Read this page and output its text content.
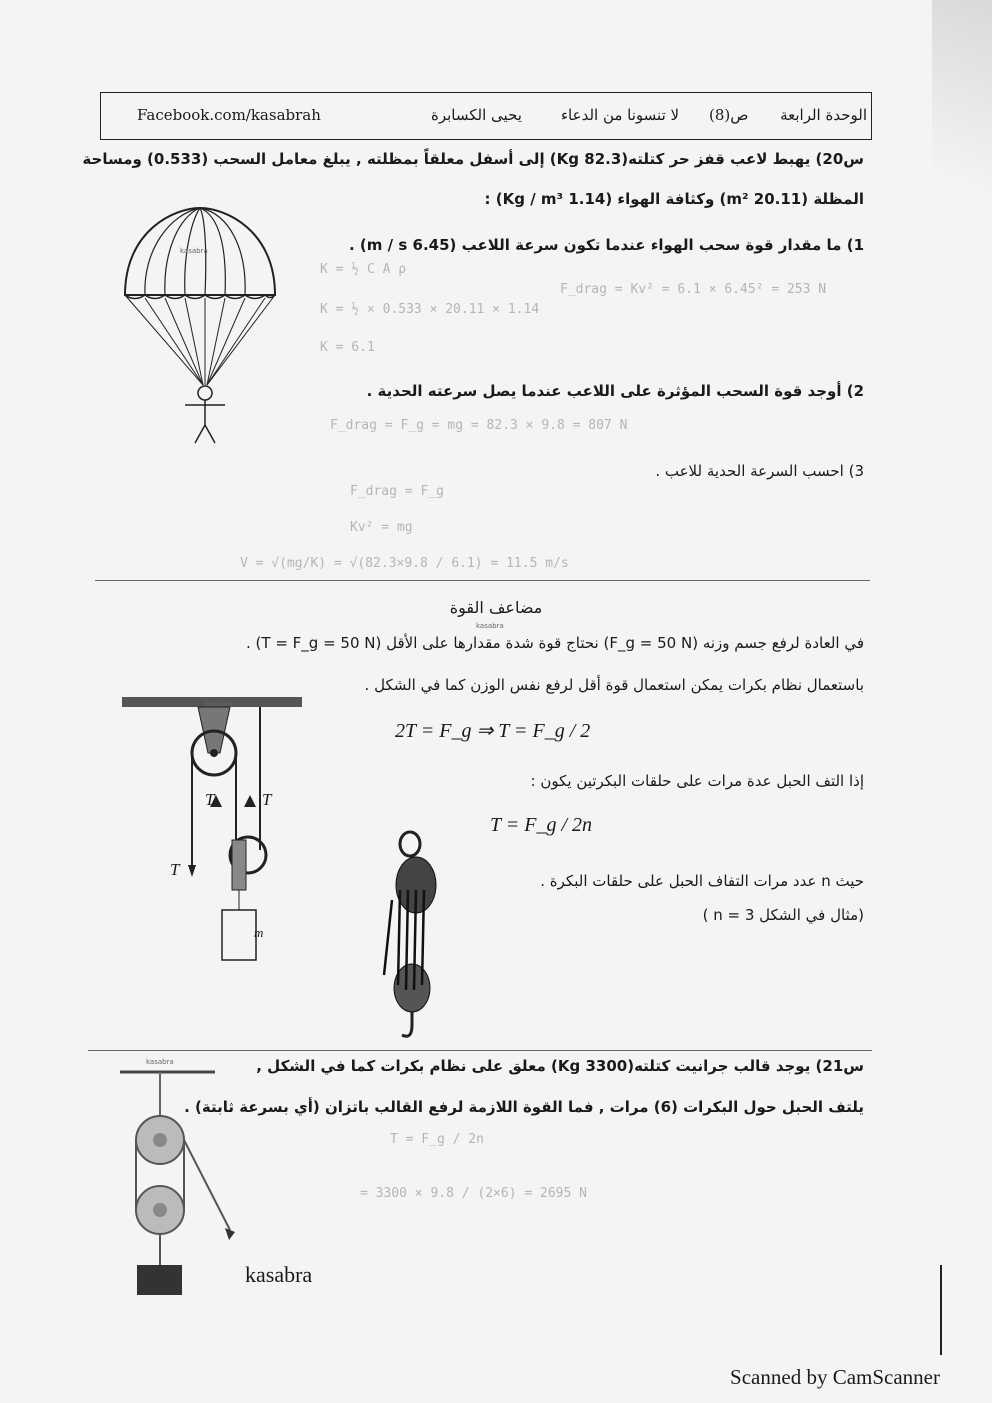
Facebook.com/kasabrah	يحيى الكسابرة	لا تنسونا من الدعاء ص(8) الوحدة الرابعة
س20) يهبط لاعب قفز حر كتلته(82.3 Kg) إلى أسفل معلقاً بمظلته , يبلغ معامل السحب (0.533) ومساحة
المظلة (20.11 m²) وكثافة الهواء (1.14 Kg / m³) :
1) ما مقدار قوة سحب الهواء عندما تكون سرعة اللاعب (6.45 m / s) .
K = ½ C A ρ
K = ½ × 0.533 × 20.11 × 1.14
K = 6.1
F_drag = Kv² = 6.1 × 6.45² = 253 N
2) أوجد قوة السحب المؤثرة على اللاعب عندما يصل سرعته الحدية .
F_drag = F_g = mg = 82.3 × 9.8 = 807 N
3) احسب السرعة الحدية للاعب .
F_drag = F_g
Kv² = mg
V = √(mg/K) = √(82.3×9.8 / 6.1) = 11.5 m/s
kasabra
مضاعف القوة
في العادة لرفع جسم وزنه (F_g = 50 N) نحتاج قوة شدة مقدارها على الأقل (T = F_g = 50 N) .
باستعمال نظام بكرات يمكن استعمال قوة أقل لرفع نفس الوزن كما في الشكل .
2T = F_g ⇒ T = F_g / 2
إذا التف الحبل عدة مرات على حلقات البكرتين يكون :
T = F_g / 2n
حيث n عدد مرات التفاف الحبل على حلقات البكرة .
(مثال في الشكل n = 3 )
T	T
T
m
س21) يوجد قالب جرانيت كتلته(3300 Kg) معلق على نظام بكرات كما في الشكل ,
يلتف الحبل حول البكرات (6) مرات , فما القوة اللازمة لرفع القالب باتزان (أي بسرعة ثابتة) .
T = F_g / 2n
= 3300 × 9.8 / (2×6) = 2695 N
kasabra
kasabra
kasabra
kasabra
Scanned by CamScanner
